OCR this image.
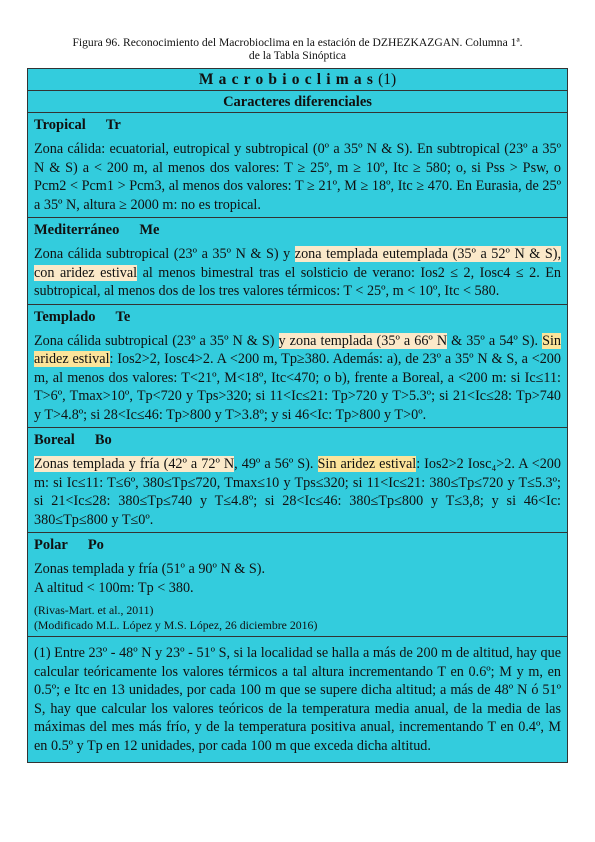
Figura 96. Reconocimiento del Macrobioclima en la estación de DZHEZKAZGAN. Columna 1ª.
de la Tabla Sinóptica
Macrobioclimas(1)
Caracteres diferenciales
Tropical Tr
Zona cálida: ecuatorial, eutropical y subtropical (0º a 35º N & S). En subtropical (23º a 35º N & S) a < 200 m, al menos dos valores: T ≥ 25º, m ≥ 10º, Itc ≥ 580; o, si Pss > Psw, o Pcm2 < Pcm1 > Pcm3, al menos dos valores: T ≥ 21º, M ≥ 18º, Itc ≥ 470. En Eurasia, de 25º a 35º N, altura ≥ 2000 m: no es tropical.
Mediterráneo Me
Zona cálida subtropical (23º a 35º N & S) y zona templada eutemplada (35º a 52º N & S), con aridez estival al menos bimestral tras el solsticio de verano: Ios2 ≤ 2, Iosc4 ≤ 2. En subtropical, al menos dos de los tres valores térmicos: T < 25º, m < 10º, Itc < 580.
Templado Te
Zona cálida subtropical (23º a 35º N & S) y zona templada (35º a 66º N & 35º a 54º S). Sin aridez estival: Ios2>2, Iosc4>2. A <200 m, Tp≥380. Además: a), de 23º a 35º N & S, a <200 m, al menos dos valores: T<21º, M<18º, Itc<470; o b), frente a Boreal, a <200 m: si Ic≤11: T>6º, Tmax>10º, Tp<720 y Tps>320; si 11<Ic≤21: Tp>720 y T>5.3º; si 21<Ic≤28: Tp>740 y T>4.8º; si 28<Ic≤46: Tp>800 y T>3.8º; y si 46<Ic: Tp>800 y T>0º.
Boreal Bo
Zonas templada y fría (42º a 72º N, 49º a 56º S). Sin aridez estival: Ios2>2 Iosc₄>2. A <200 m: si Ic≤11: T≤6º, 380≤Tp≤720, Tmax≤10 y Tps≤320; si 11<Ic≤21: 380≤Tp≤720 y T≤5.3º; si 21<Ic≤28: 380≤Tp≤740 y T≤4.8º; si 28<Ic≤46: 380≤Tp≤800 y T≤3,8; y si 46<Ic: 380≤Tp≤800 y T≤0º.
Polar Po
Zonas templada y fría (51º a 90º N & S).
A altitud < 100m: Tp < 380.
(Rivas-Mart. et al., 2011)
(Modificado M.L. López y M.S. López, 26 diciembre 2016)
(1) Entre 23º - 48º N y 23º - 51º S, si la localidad se halla a más de 200 m de altitud, hay que calcular teóricamente los valores térmicos a tal altura incrementando T en 0.6º; M y m, en 0.5º; e Itc en 13 unidades, por cada 100 m que se supere dicha altitud; a más de 48º N ó 51º S, hay que calcular los valores teóricos de la temperatura media anual, de la media de las máximas del mes más frío, y de la temperatura positiva anual, incrementando T en 0.4º, M en 0.5º y Tp en 12 unidades, por cada 100 m que exceda dicha altitud.
